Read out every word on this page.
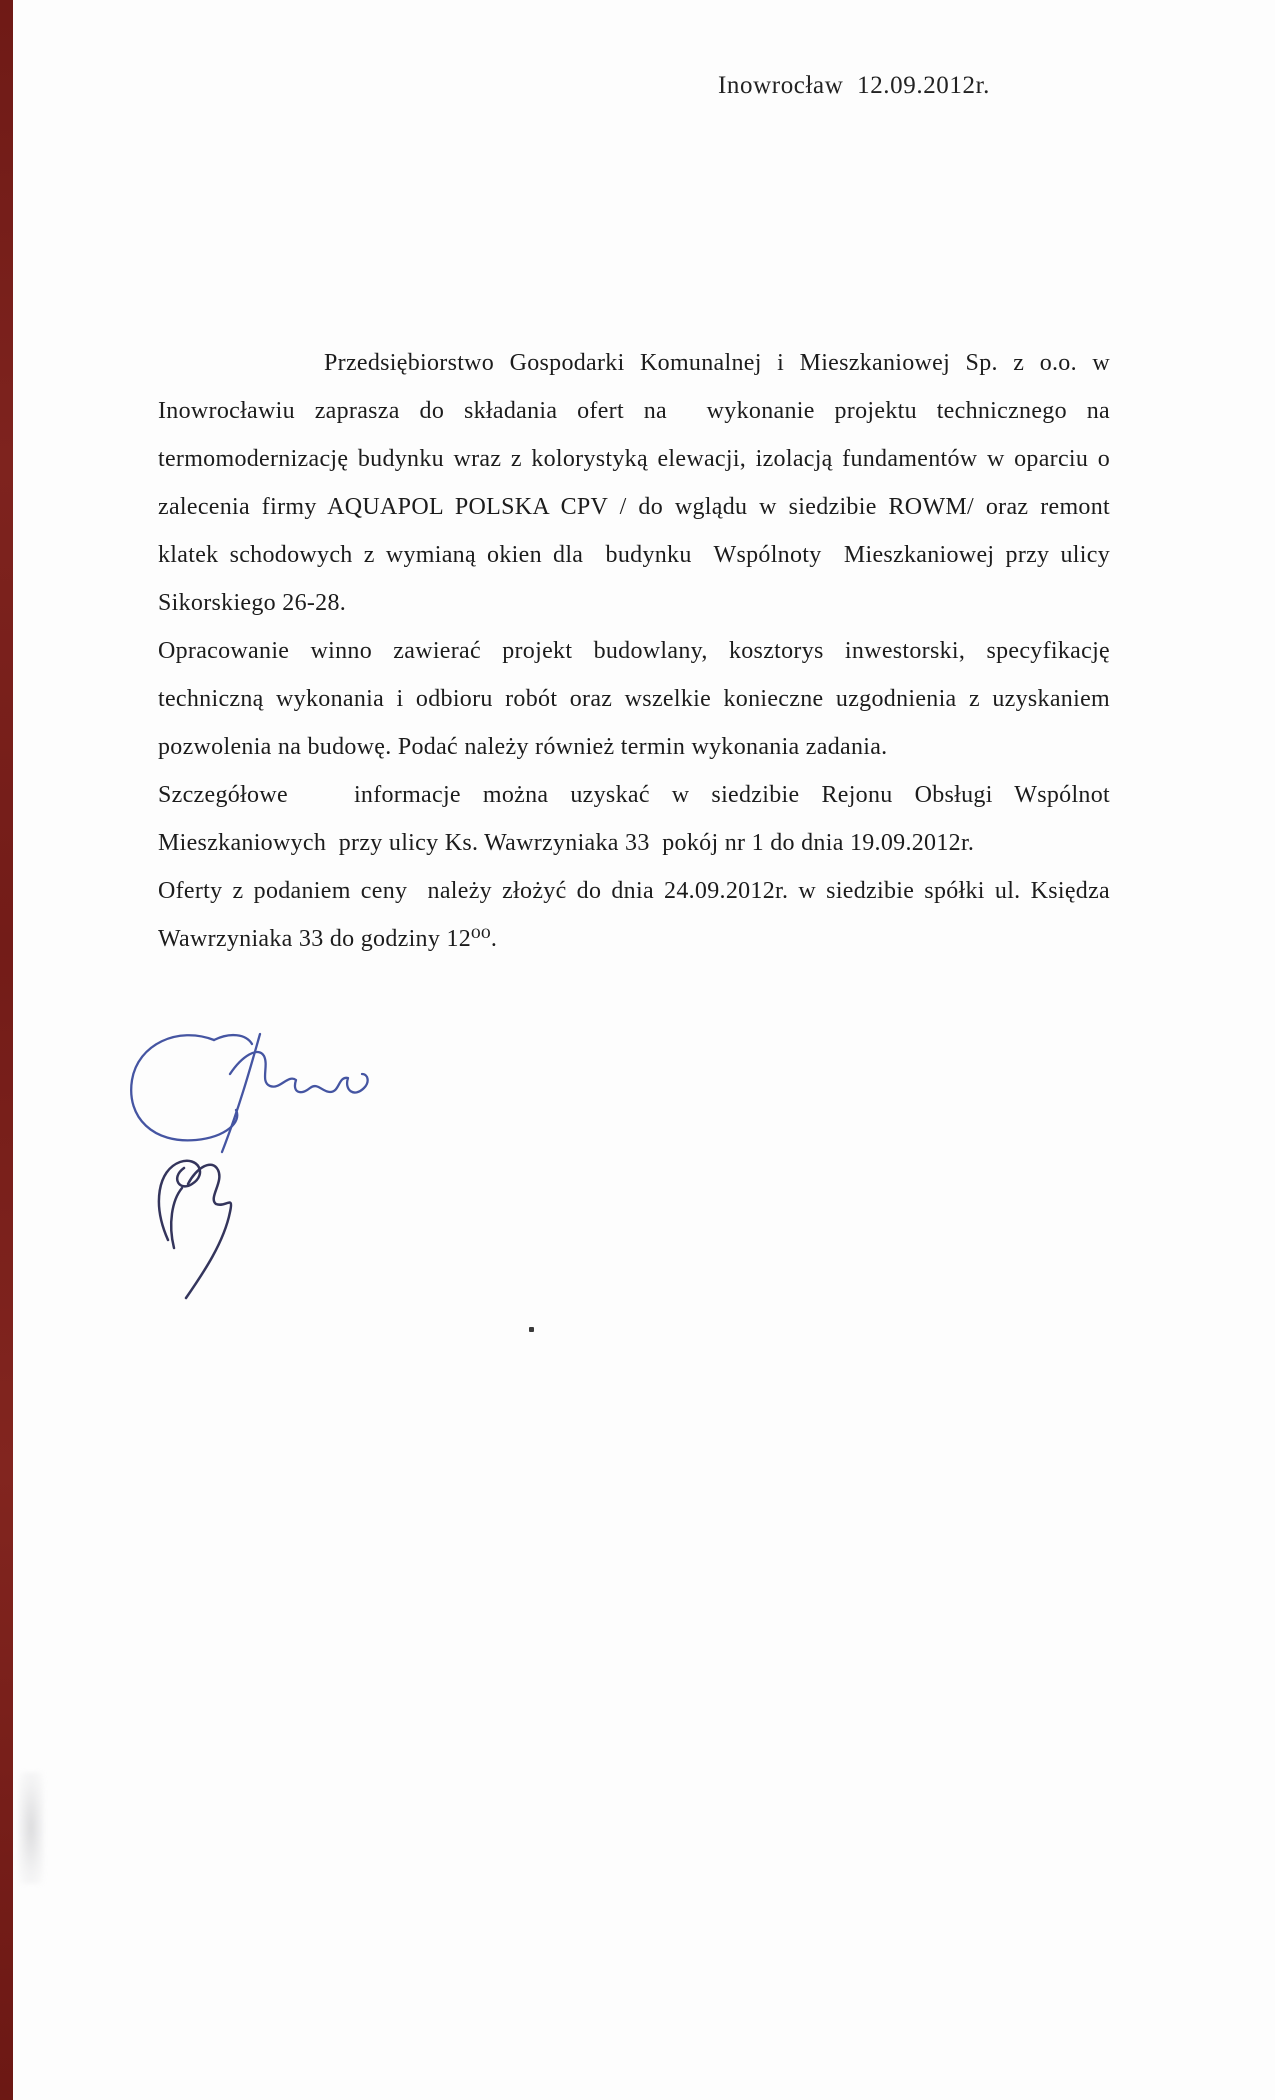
Inowrocław  12.09.2012r.
Przedsiębiorstwo Gospodarki Komunalnej i Mieszkaniowej Sp. z o.o. w
Inowrocławiu zaprasza do składania ofert na  wykonanie projektu technicznego na
termomodernizację budynku wraz z kolorystyką elewacji, izolacją fundamentów w oparciu o
zalecenia firmy AQUAPOL POLSKA CPV / do wglądu w siedzibie ROWM/ oraz remont
klatek schodowych z wymianą okien dla  budynku  Wspólnoty  Mieszkaniowej przy ulicy
Sikorskiego 26-28.
Opracowanie winno zawierać projekt budowlany, kosztorys inwestorski, specyfikację
techniczną wykonania i odbioru robót oraz wszelkie konieczne uzgodnienia z uzyskaniem
pozwolenia na budowę. Podać należy również termin wykonania zadania.
Szczegółowe   informacje można uzyskać w siedzibie Rejonu Obsługi Wspólnot
Mieszkaniowych  przy ulicy Ks. Wawrzyniaka 33  pokój nr 1 do dnia 19.09.2012r.
Oferty z podaniem ceny  należy złożyć do dnia 24.09.2012r. w siedzibie spółki ul. Księdza
Wawrzyniaka 33 do godziny 12⁰⁰.
